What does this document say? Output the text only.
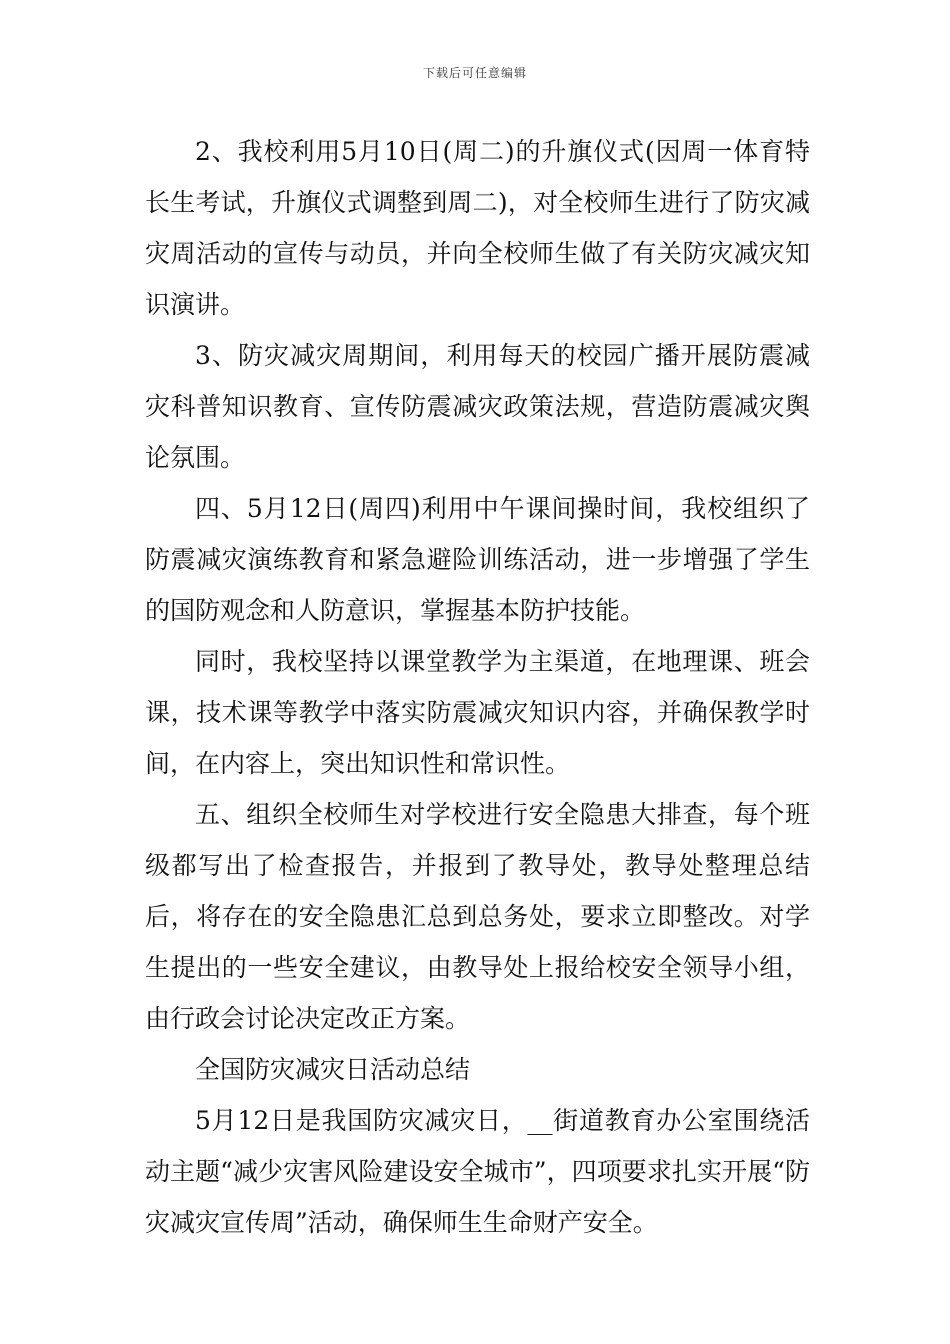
下载后可任意编辑

2、我校利用5月10日(周二)的升旗仪式(因周一体育特长生考试，升旗仪式调整到周二)，对全校师生进行了防灾减灾周活动的宣传与动员，并向全校师生做了有关防灾减灾知识演讲。

3、防灾减灾周期间，利用每天的校园广播开展防震减灾科普知识教育、宣传防震减灾政策法规，营造防震减灾舆论氛围。

四、5月12日(周四)利用中午课间操时间，我校组织了防震减灾演练教育和紧急避险训练活动，进一步增强了学生的国防观念和人防意识，掌握基本防护技能。

同时，我校坚持以课堂教学为主渠道，在地理课、班会课，技术课等教学中落实防震减灾知识内容，并确保教学时间，在内容上，突出知识性和常识性。

五、组织全校师生对学校进行安全隐患大排查，每个班级都写出了检查报告，并报到了教导处，教导处整理总结后，将存在的安全隐患汇总到总务处，要求立即整改。对学生提出的一些安全建议，由教导处上报给校安全领导小组，由行政会讨论决定改正方案。

全国防灾减灾日活动总结

5月12日是我国防灾减灾日，__街道教育办公室围绕活动主题“减少灾害风险建设安全城市”，四项要求扎实开展“防灾减灾宣传周”活动，确保师生生命财产安全。
